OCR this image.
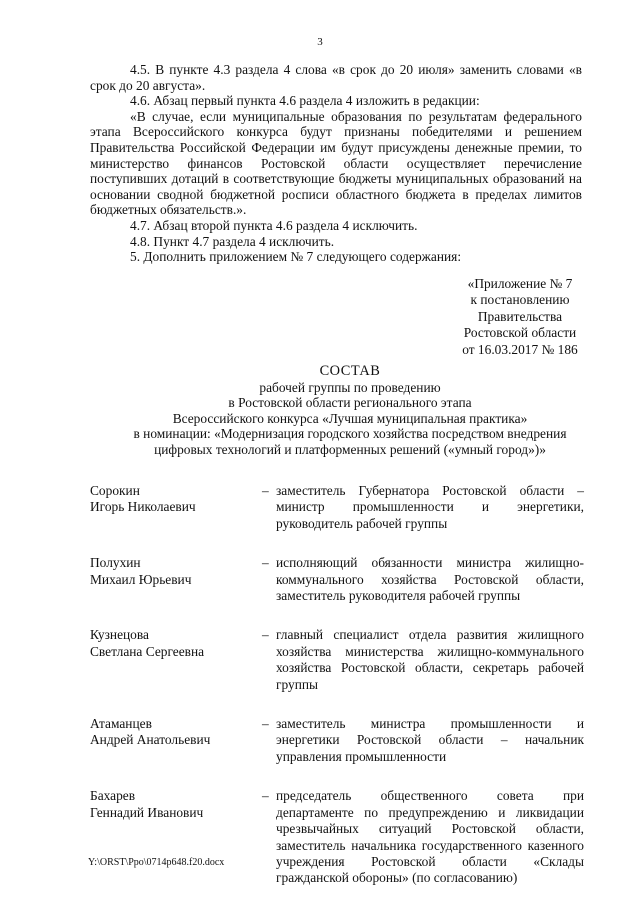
3

4.5. В пункте 4.3 раздела 4 слова «в срок до 20 июля» заменить словами «в срок до 20 августа».

4.6. Абзац первый пункта 4.6 раздела 4 изложить в редакции:

«В случае, если муниципальные образования по результатам федерального этапа Всероссийского конкурса будут признаны победителями и решением Правительства Российской Федерации им будут присуждены денежные премии, то министерство финансов Ростовской области осуществляет перечисление поступивших дотаций в соответствующие бюджеты муниципальных образований на основании сводной бюджетной росписи областного бюджета в пределах лимитов бюджетных обязательств.».

4.7. Абзац второй пункта 4.6 раздела 4 исключить.

4.8. Пункт 4.7 раздела 4 исключить.

5. Дополнить приложением № 7 следующего содержания:

«Приложение № 7
к постановлению
Правительства
Ростовской области
от 16.03.2017 № 186
СОСТАВ
рабочей группы по проведению
в Ростовской области регионального этапа
Всероссийского конкурса «Лучшая муниципальная практика»
в номинации: «Модернизация городского хозяйства посредством внедрения
цифровых технологий и платформенных решений («умный город»)»
Сорокин
Игорь Николаевич
– заместитель Губернатора Ростовской области – министр промышленности и энергетики, руководитель рабочей группы
Полухин
Михаил Юрьевич
– исполняющий обязанности министра жилищно-коммунального хозяйства Ростовской области, заместитель руководителя рабочей группы
Кузнецова
Светлана Сергеевна
– главный специалист отдела развития жилищного хозяйства министерства жилищно-коммунального хозяйства Ростовской области, секретарь рабочей группы
Атаманцев
Андрей Анатольевич
– заместитель министра промышленности и энергетики Ростовской области – начальник управления промышленности
Бахарев
Геннадий Иванович
– председатель общественного совета при департаменте по предупреждению и ликвидации чрезвычайных ситуаций Ростовской области, заместитель начальника государственного казенного учреждения Ростовской области «Склады гражданской обороны» (по согласованию)
Y:\ORST\Ppo\0714p648.f20.docx
